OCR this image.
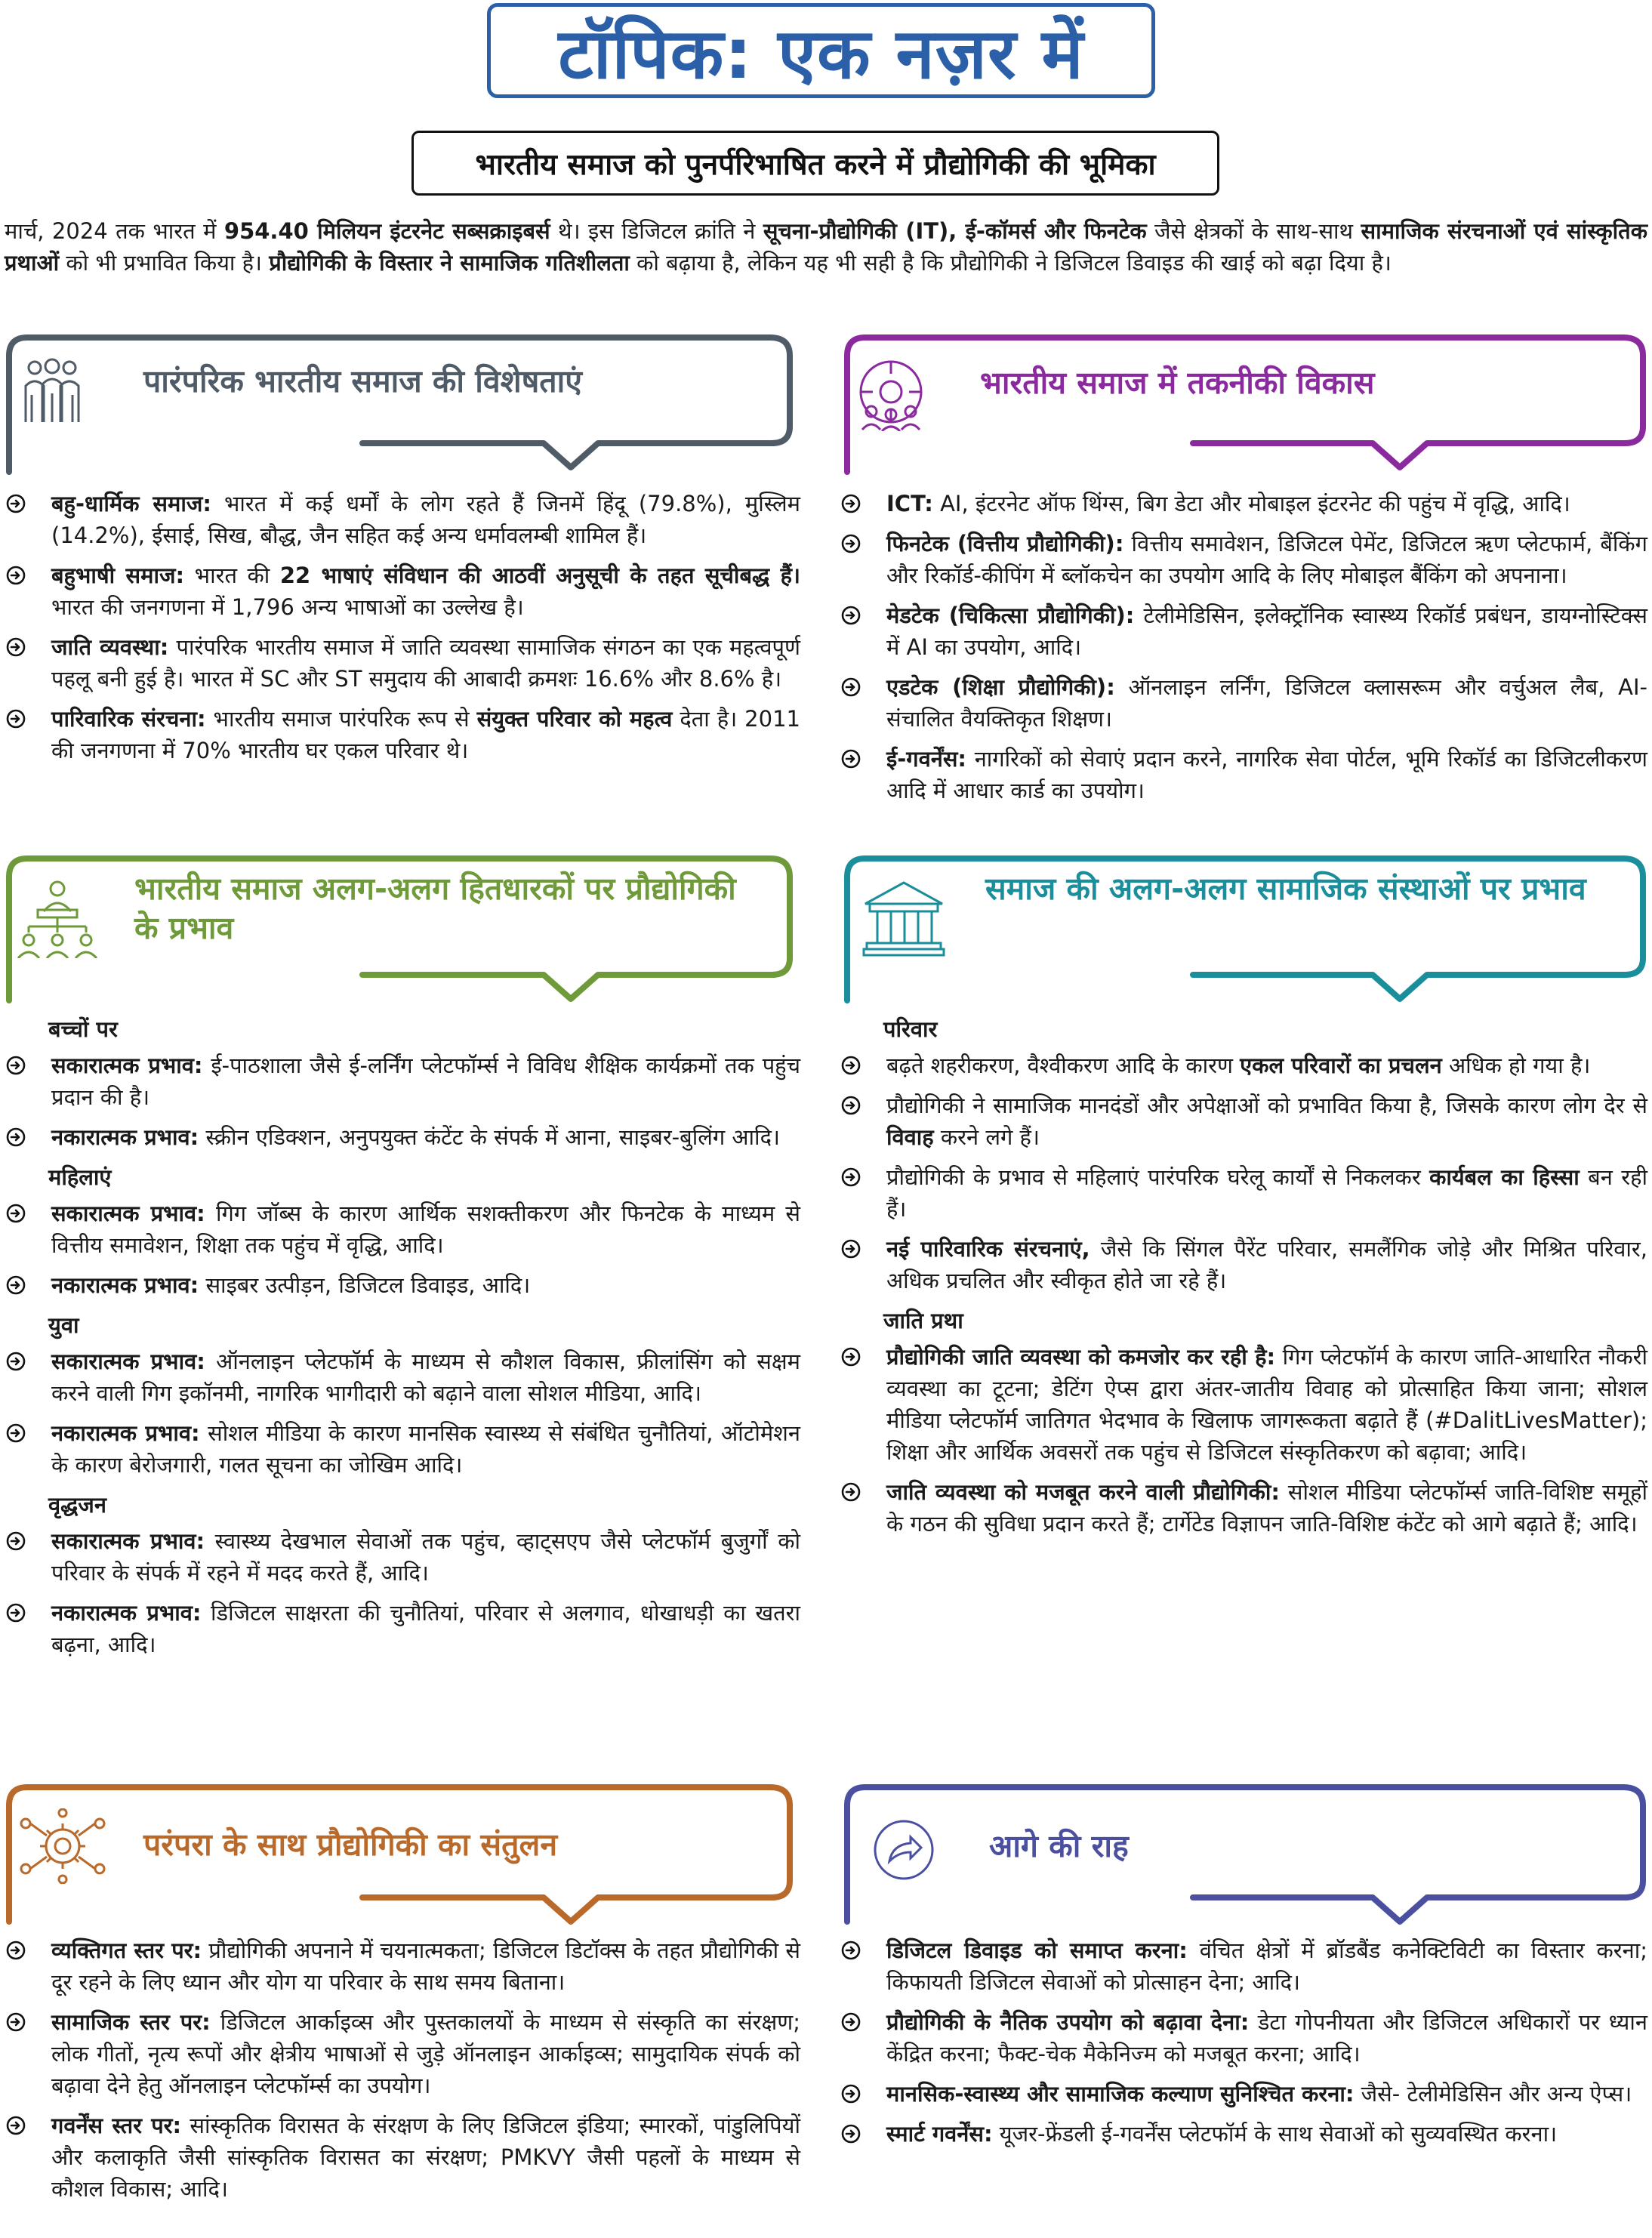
टॉपिक: एक नज़र में
भारतीय समाज को पुनर्परिभाषित करने में प्रौद्योगिकी की भूमिका
मार्च, 2024 तक भारत में 954.40 मिलियन इंटरनेट सब्सक्राइबर्स थे। इस डिजिटल क्रांति ने सूचना-प्रौद्योगिकी (IT), ई-कॉमर्स और फिनटेक जैसे क्षेत्रकों के साथ-साथ सामाजिक संरचनाओं एवं सांस्कृतिक प्रथाओं को भी प्रभावित किया है। प्रौद्योगिकी के विस्तार ने सामाजिक गतिशीलता को बढ़ाया है, लेकिन यह भी सही है कि प्रौद्योगिकी ने डिजिटल डिवाइड की खाई को बढ़ा दिया है।
पारंपरिक भारतीय समाज की विशेषताएं	भारतीय समाज में तकनीकी विकास
भारतीय समाज अलग-अलग हितधारकों पर प्रौद्योगिकी के प्रभाव
समाज की अलग-अलग सामाजिक संस्थाओं पर प्रभाव
परंपरा के साथ प्रौद्योगिकी का संतुलन	आगे की राह
बहु-धार्मिक समाज: भारत में कई धर्मों के लोग रहते हैं जिनमें हिंदू (79.8%), मुस्लिम (14.2%), ईसाई, सिख, बौद्ध, जैन सहित कई अन्य धर्मावलम्बी शामिल हैं।
बहुभाषी समाज: भारत की 22 भाषाएं संविधान की आठवीं अनुसूची के तहत सूचीबद्ध हैं। भारत की जनगणना में 1,796 अन्य भाषाओं का उल्लेख है।
जाति व्यवस्था: पारंपरिक भारतीय समाज में जाति व्यवस्था सामाजिक संगठन का एक महत्वपूर्ण पहलू बनी हुई है। भारत में SC और ST समुदाय की आबादी क्रमशः 16.6% और 8.6% है।
पारिवारिक संरचना: भारतीय समाज पारंपरिक रूप से संयुक्त परिवार को महत्व देता है। 2011 की जनगणना में 70% भारतीय घर एकल परिवार थे।
ICT: AI, इंटरनेट ऑफ थिंग्स, बिग डेटा और मोबाइल इंटरनेट की पहुंच में वृद्धि, आदि।
फिनटेक (वित्तीय प्रौद्योगिकी): वित्तीय समावेशन, डिजिटल पेमेंट, डिजिटल ऋण प्लेटफार्म, बैंकिंग और रिकॉर्ड-कीपिंग में ब्लॉकचेन का उपयोग आदि के लिए मोबाइल बैंकिंग को अपनाना।
मेडटेक (चिकित्सा प्रौद्योगिकी): टेलीमेडिसिन, इलेक्ट्रॉनिक स्वास्थ्य रिकॉर्ड प्रबंधन, डायग्नोस्टिक्स में AI का उपयोग, आदि।
एडटेक (शिक्षा प्रौद्योगिकी): ऑनलाइन लर्निंग, डिजिटल क्लासरूम और वर्चुअल लैब, AI-संचालित वैयक्तिकृत शिक्षण।
ई-गवर्नेंस: नागरिकों को सेवाएं प्रदान करने, नागरिक सेवा पोर्टल, भूमि रिकॉर्ड का डिजिटलीकरण आदि में आधार कार्ड का उपयोग।
बच्चों पर
सकारात्मक प्रभाव: ई-पाठशाला जैसे ई-लर्निंग प्लेटफॉर्म्स ने विविध शैक्षिक कार्यक्रमों तक पहुंच प्रदान की है।
नकारात्मक प्रभाव: स्क्रीन एडिक्शन, अनुपयुक्त कंटेंट के संपर्क में आना, साइबर-बुलिंग आदि।
महिलाएं
सकारात्मक प्रभाव: गिग जॉब्स के कारण आर्थिक सशक्तीकरण और फिनटेक के माध्यम से वित्तीय समावेशन, शिक्षा तक पहुंच में वृद्धि, आदि।
नकारात्मक प्रभाव: साइबर उत्पीड़न, डिजिटल डिवाइड, आदि।
युवा
सकारात्मक प्रभाव: ऑनलाइन प्लेटफॉर्म के माध्यम से कौशल विकास, फ्रीलांसिंग को सक्षम करने वाली गिग इकॉनमी, नागरिक भागीदारी को बढ़ाने वाला सोशल मीडिया, आदि।
नकारात्मक प्रभाव: सोशल मीडिया के कारण मानसिक स्वास्थ्य से संबंधित चुनौतियां, ऑटोमेशन के कारण बेरोजगारी, गलत सूचना का जोखिम आदि।
वृद्धजन
सकारात्मक प्रभाव: स्वास्थ्य देखभाल सेवाओं तक पहुंच, व्हाट्सएप जैसे प्लेटफॉर्म बुजुर्गों को परिवार के संपर्क में रहने में मदद करते हैं, आदि।
नकारात्मक प्रभाव: डिजिटल साक्षरता की चुनौतियां, परिवार से अलगाव, धोखाधड़ी का खतरा बढ़ना, आदि।
परिवार
बढ़ते शहरीकरण, वैश्वीकरण आदि के कारण एकल परिवारों का प्रचलन अधिक हो गया है।
प्रौद्योगिकी ने सामाजिक मानदंडों और अपेक्षाओं को प्रभावित किया है, जिसके कारण लोग देर से विवाह करने लगे हैं।
प्रौद्योगिकी के प्रभाव से महिलाएं पारंपरिक घरेलू कार्यों से निकलकर कार्यबल का हिस्सा बन रही हैं।
नई पारिवारिक संरचनाएं, जैसे कि सिंगल पैरेंट परिवार, समलैंगिक जोड़े और मिश्रित परिवार, अधिक प्रचलित और स्वीकृत होते जा रहे हैं।
जाति प्रथा
प्रौद्योगिकी जाति व्यवस्था को कमजोर कर रही है: गिग प्लेटफॉर्म के कारण जाति-आधारित नौकरी व्यवस्था का टूटना; डेटिंग ऐप्स द्वारा अंतर-जातीय विवाह को प्रोत्साहित किया जाना; सोशल मीडिया प्लेटफॉर्म जातिगत भेदभाव के खिलाफ जागरूकता बढ़ाते हैं (#DalitLivesMatter); शिक्षा और आर्थिक अवसरों तक पहुंच से डिजिटल संस्कृतिकरण को बढ़ावा; आदि।
जाति व्यवस्था को मजबूत करने वाली प्रौद्योगिकी: सोशल मीडिया प्लेटफॉर्म्स जाति-विशिष्ट समूहों के गठन की सुविधा प्रदान करते हैं; टार्गेटेड विज्ञापन जाति-विशिष्ट कंटेंट को आगे बढ़ाते हैं; आदि।
व्यक्तिगत स्तर पर: प्रौद्योगिकी अपनाने में चयनात्मकता; डिजिटल डिटॉक्स के तहत प्रौद्योगिकी से दूर रहने के लिए ध्यान और योग या परिवार के साथ समय बिताना।
सामाजिक स्तर पर: डिजिटल आर्काइव्स और पुस्तकालयों के माध्यम से संस्कृति का संरक्षण; लोक गीतों, नृत्य रूपों और क्षेत्रीय भाषाओं से जुड़े ऑनलाइन आर्काइव्स; सामुदायिक संपर्क को बढ़ावा देने हेतु ऑनलाइन प्लेटफॉर्म्स का उपयोग।
गवर्नेंस स्तर पर: सांस्कृतिक विरासत के संरक्षण के लिए डिजिटल इंडिया; स्मारकों, पांडुलिपियों और कलाकृति जैसी सांस्कृतिक विरासत का संरक्षण; PMKVY जैसी पहलों के माध्यम से कौशल विकास; आदि।
डिजिटल डिवाइड को समाप्त करना: वंचित क्षेत्रों में ब्रॉडबैंड कनेक्टिविटी का विस्तार करना; किफायती डिजिटल सेवाओं को प्रोत्साहन देना; आदि।
प्रौद्योगिकी के नैतिक उपयोग को बढ़ावा देना: डेटा गोपनीयता और डिजिटल अधिकारों पर ध्यान केंद्रित करना; फैक्ट-चेक मैकेनिज्म को मजबूत करना; आदि।
मानसिक-स्वास्थ्य और सामाजिक कल्याण सुनिश्चित करना: जैसे- टेलीमेडिसिन और अन्य ऐप्स।
स्मार्ट गवर्नेंस: यूजर-फ्रेंडली ई-गवर्नेंस प्लेटफॉर्म के साथ सेवाओं को सुव्यवस्थित करना।
